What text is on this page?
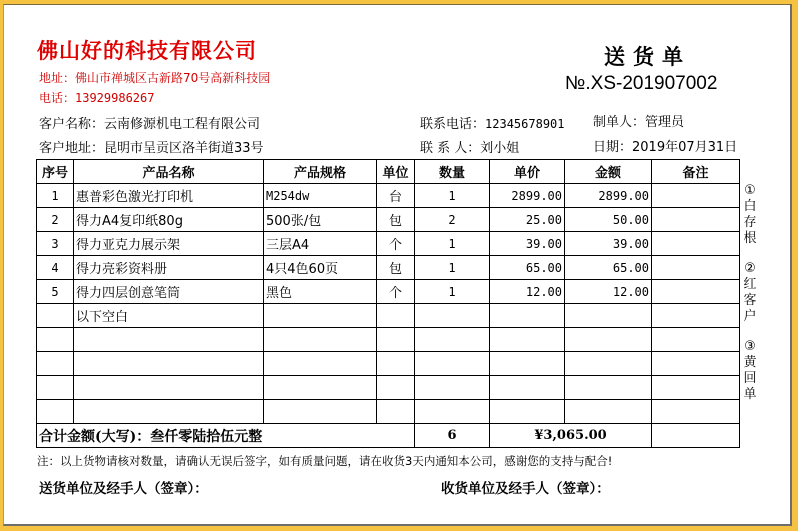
佛山好的科技有限公司
地址：佛山市禅城区古新路70号高新科技园
电话：13929986267
送货单
№.XS-201907002
客户名称：云南修源机电工程有限公司	联系电话：12345678901 制单人：管理员
客户地址：昆明市呈贡区洛羊街道33号	联 系 人：刘小姐	日期：2019年07月31日
序号	产品名称	产品规格	单位	数量	单价	金额	备注
1	惠普彩色激光打印机	M254dw	台	1	2899.00	2899.00	
2	得力A4复印纸80g	500张/包	包	2	25.00	50.00	
3	得力亚克力展示架	三层A4	个	1	39.00	39.00	
4	得力亮彩资料册	4只4色60页	包	1	65.00	65.00	
5	得力四层创意笔筒	黑色	个	1	12.00	12.00	
	以下空白						

合计金额(大写)：叁仟零陆拾伍元整				6	¥3,065.00		
①
白
存
根
②
红
客
户
③
黄
回
单
注：以上货物请核对数量，请确认无误后签字，如有质量问题，请在收货3天内通知本公司，感谢您的支持与配合!
送货单位及经手人（签章）：	收货单位及经手人（签章）：
